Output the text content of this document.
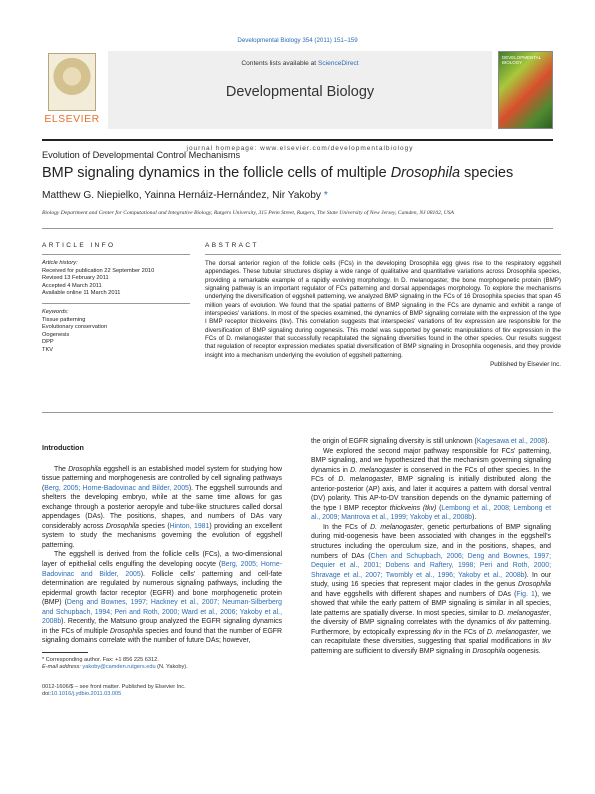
Developmental Biology 354 (2011) 151–159
ELSEVIER
Contents lists available at ScienceDirect
Developmental Biology
DEVELOPMENTAL BIOLOGY
journal homepage: www.elsevier.com/developmentalbiology
Evolution of Developmental Control Mechanisms
BMP signaling dynamics in the follicle cells of multiple Drosophila species
Matthew G. Niepielko, Yainna Hernáiz-Hernández, Nir Yakoby *
Biology Department and Center for Computational and Integrative Biology, Rutgers University, 315 Penn Street, Rutgers, The State University of New Jersey, Camden, NJ 08102, USA
ARTICLE INFO
Article history:
Received for publication 22 September 2010
Revised 13 February 2011
Accepted 4 March 2011
Available online 11 March 2011
Keywords:
Tissue patterning
Evolutionary conservation
Oogenesis
DPP
TKV
ABSTRACT
The dorsal anterior region of the follicle cells (FCs) in the developing Drosophila egg gives rise to the respiratory eggshell appendages. These tubular structures display a wide range of qualitative and quantitative variations across Drosophila species, providing a remarkable example of a rapidly evolving morphology. In D. melanogaster, the bone morphogenetic protein (BMP) signaling pathway is an important regulator of FCs patterning and dorsal appendages morphology. To explore the mechanisms underlying the diversification of eggshell patterning, we analyzed BMP signaling in the FCs of 16 Drosophila species that span 45 million years of evolution. We found that the spatial patterns of BMP signaling in the FCs are dynamic and exhibit a range of interspecies' variations. In most of the species examined, the dynamics of BMP signaling correlate with the expression of the type I BMP receptor thickveins (tkv). This correlation suggests that interspecies' variations of tkv expression are responsible for the diversification of BMP signaling during oogenesis. This model was supported by genetic manipulations of tkv expression in the FCs of D. melanogaster that successfully recapitulated the signaling diversities found in the other species. Our results suggest that regulation of receptor expression mediates spatial diversification of BMP signaling in Drosophila oogenesis, and they provide insight into a mechanism underlying the evolution of eggshell patterning.
Published by Elsevier Inc.
Introduction

The Drosophila eggshell is an established model system for studying how tissue patterning and morphogenesis are controlled by cell signaling pathways (Berg, 2005; Horne-Badovinac and Bilder, 2005). The eggshell surrounds and shelters the developing embryo, while at the same time allows for gas exchange through a posterior aeropyle and tube-like structures called dorsal appendages (DAs). The positions, shapes, and numbers of DAs vary considerably across Drosophila species (Hinton, 1981) providing an excellent system to study the mechanisms governing the evolution of eggshell patterning.

The eggshell is derived from the follicle cells (FCs), a two-dimensional layer of epithelial cells engulfing the developing oocyte (Berg, 2005; Horne-Badovinac and Bilder, 2005). Follicle cells' patterning and cell-fate determination are regulated by numerous signaling pathways, including the epidermal growth factor receptor (EGFR) and bone morphogenetic protein (BMP) (Deng and Bownes, 1997; Hackney et al., 2007; Neuman-Silberberg and Schupbach, 1994; Peri and Roth, 2000; Ward et al., 2006; Yakoby et al., 2008b). Recently, the Matsuno group analyzed the EGFR signaling dynamics in the FCs of multiple Drosophila species and found that the number of EGFR signaling domains correlate with the number of future DAs; however,

the origin of EGFR signaling diversity is still unknown (Kagesawa et al., 2008).

We explored the second major pathway responsible for FCs' patterning, BMP signaling, and we hypothesized that the mechanism governing signaling dynamics in D. melanogaster is conserved in the FCs of other species. In the FCs of D. melanogaster, BMP signaling is initially distributed along the anterior-posterior (AP) axis, and later it acquires a pattern with dorsal ventral (DV) polarity. This AP-to-DV transition depends on the dynamic patterning of the type I BMP receptor thickveins (tkv) (Lembong et al., 2008; Lembong et al., 2009; Mantrova et al., 1999; Yakoby et al., 2008b).

In the FCs of D. melanogaster, genetic perturbations of BMP signaling during mid-oogenesis have been associated with changes in the eggshell's structures including the operculum size, and in the positions, shapes, and numbers of DAs (Chen and Schupbach, 2006; Deng and Bownes, 1997; Dequier et al., 2001; Dobens and Raftery, 1998; Peri and Roth, 2000; Shravage et al., 2007; Twombly et al., 1996; Yakoby et al., 2008b). In our study, using 16 species that represent major clades in the genus Drosophila and have eggshells with different shapes and numbers of DAs (Fig. 1), we showed that while the early pattern of BMP signaling is similar in all species, late patterns are spatially diverse. In most species, similar to D. melanogaster, the diversity of BMP signaling correlates with the dynamics of tkv patterning. Furthermore, by ectopically expressing tkv in the FCs of D. melanogaster, we can recapitulate these diversities, suggesting that spatial modifications in tkv patterning are sufficient to diversify BMP signaling in Drosophila oogenesis.

* Corresponding author. Fax: +1 856 225 6312.
E-mail address: yakoby@camden.rutgers.edu (N. Yakoby).
0012-1606/$ – see front matter. Published by Elsevier Inc.
doi:10.1016/j.ydbio.2011.03.005
